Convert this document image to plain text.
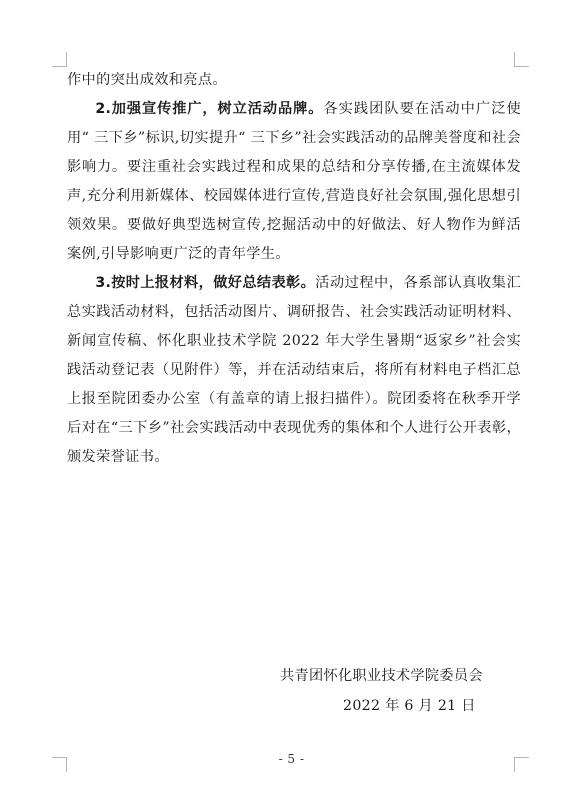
作中的突出成效和亮点。

2.加强宣传推广，树立活动品牌。各实践团队要在活动中广泛使用“ 三下乡”标识,切实提升“ 三下乡”社会实践活动的品牌美誉度和社会影响力。要注重社会实践过程和成果的总结和分享传播,在主流媒体发声,充分利用新媒体、校园媒体进行宣传,营造良好社会氛围,强化思想引领效果。要做好典型选树宣传,挖掘活动中的好做法、好人物作为鲜活案例,引导影响更广泛的青年学生。

3.按时上报材料，做好总结表彰。活动过程中，各系部认真收集汇总实践活动材料，包括活动图片、调研报告、社会实践活动证明材料、新闻宣传稿、怀化职业技术学院 2022 年大学生暑期“返家乡”社会实践活动登记表（见附件）等，并在活动结束后，将所有材料电子档汇总上报至院团委办公室（有盖章的请上报扫描件）。院团委将在秋季开学后对在“三下乡”社会实践活动中表现优秀的集体和个人进行公开表彰，颁发荣誉证书。

共青团怀化职业技术学院委员会
2022 年 6 月 21 日
- 5 -
